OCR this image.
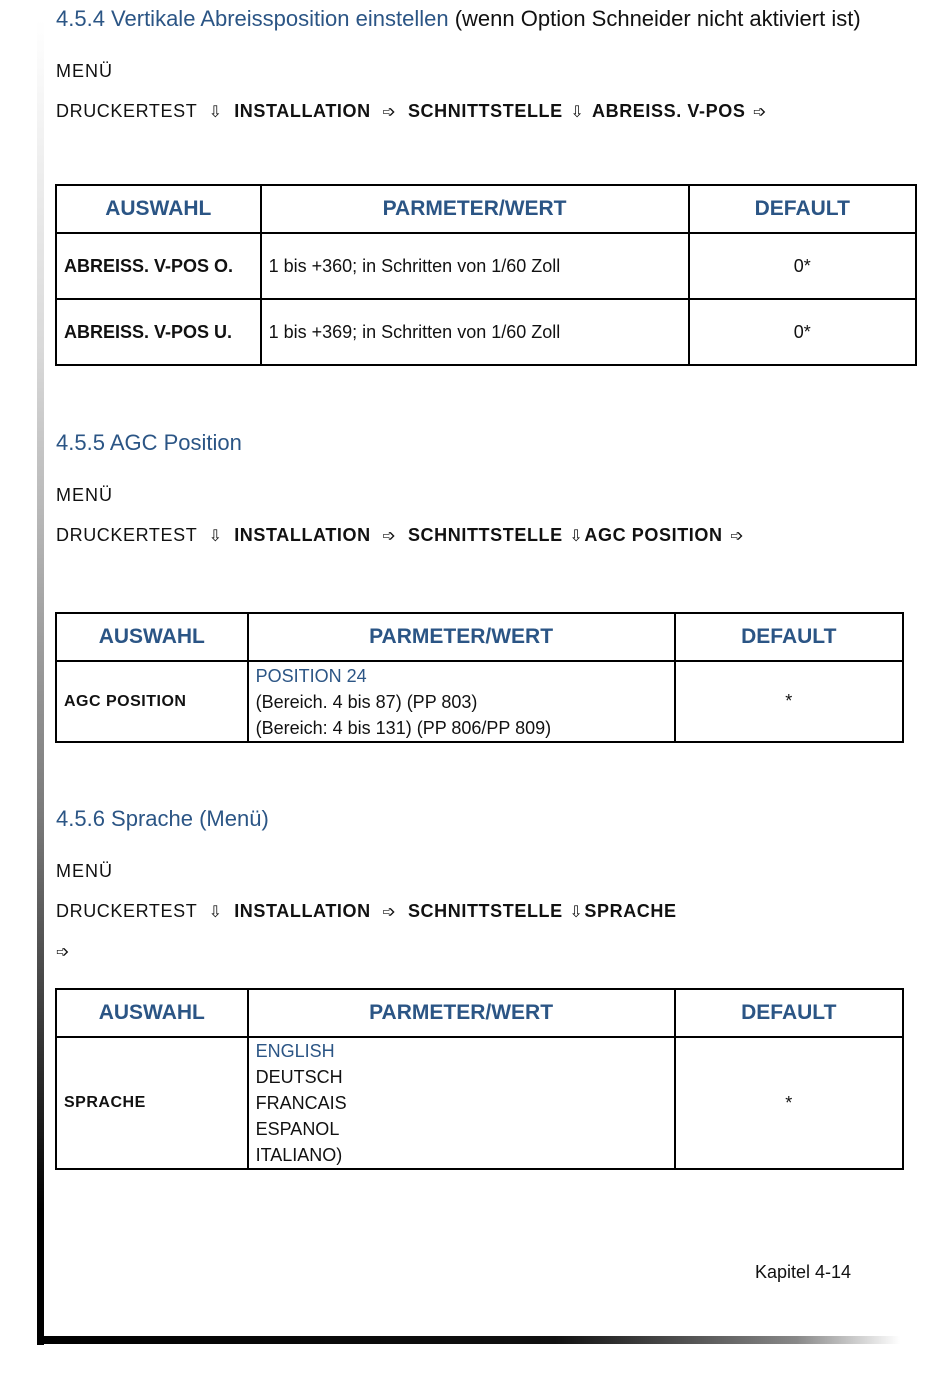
4.5.4 Vertikale Abreissposition einstellen (wenn Option Schneider nicht aktiviert ist)
MENÜ
DRUCKERTEST ⇩ INSTALLATION ➩ SCHNITTSTELLE ⇩ ABREISS. V-POS ➩
AUSWAHL	PARMETER/WERT	DEFAULT
ABREISS. V-POS O.	1 bis +360; in Schritten von 1/60 Zoll	0*
ABREISS. V-POS U.	1 bis +369; in Schritten von 1/60 Zoll	0*
4.5.5 AGC Position
MENÜ
DRUCKERTEST ⇩ INSTALLATION ➩ SCHNITTSTELLE ⇩AGC POSITION ➩
AUSWAHL	PARMETER/WERT	DEFAULT
AGC POSITION	POSITION 24
(Bereich. 4 bis 87) (PP 803)
(Bereich: 4 bis 131) (PP 806/PP 809)	*
4.5.6 Sprache (Menü)
MENÜ
DRUCKERTEST ⇩ INSTALLATION ➩ SCHNITTSTELLE ⇩SPRACHE
➩
AUSWAHL	PARMETER/WERT	DEFAULT
SPRACHE	ENGLISH
DEUTSCH
FRANCAIS
ESPANOL
ITALIANO)	*
Kapitel 4-14
